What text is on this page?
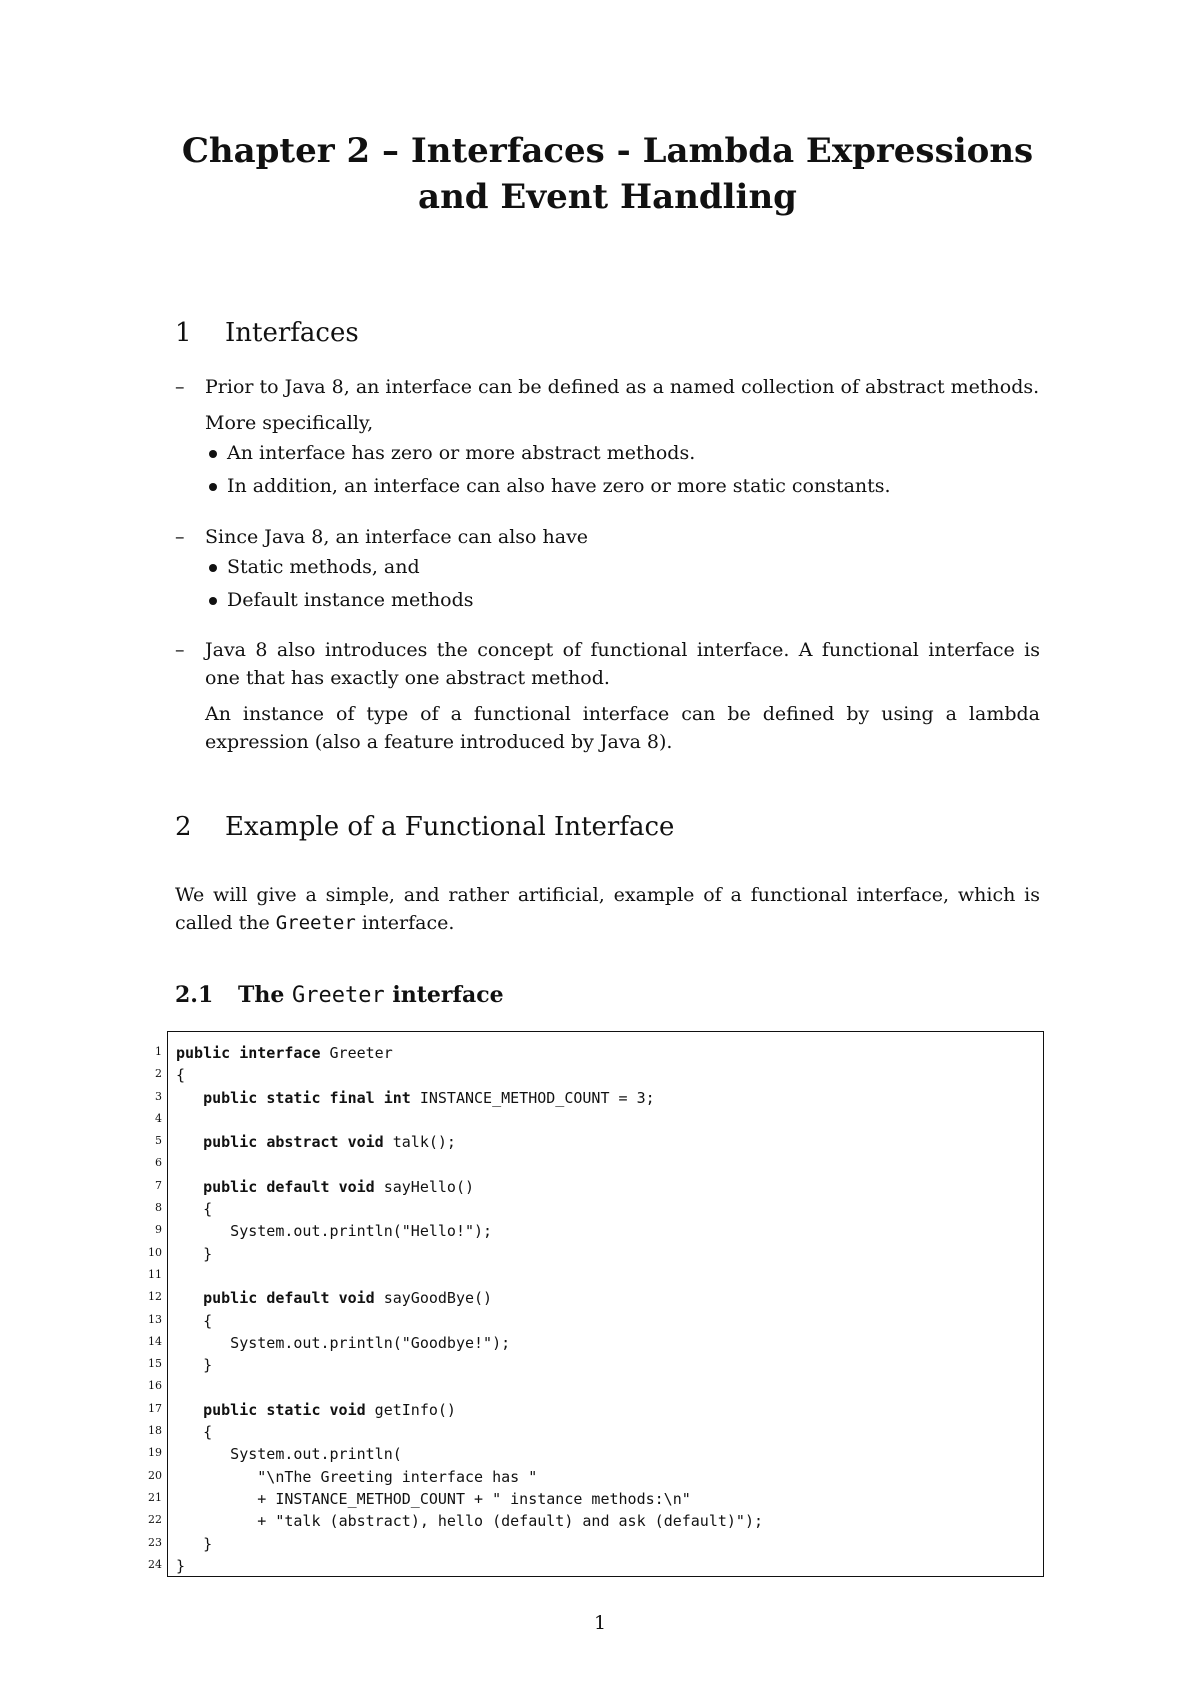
Chapter 2 – Interfaces - Lambda Expressions and Event Handling
1 Interfaces
– Prior to Java 8, an interface can be defined as a named collection of abstract methods.

More specifically,

An interface has zero or more abstract methods.
In addition, an interface can also have zero or more static constants.
– Since Java 8, an interface can also have

Static methods, and
Default instance methods
– Java 8 also introduces the concept of functional interface. A functional interface is one that has exactly one abstract method.

An instance of type of a functional interface can be defined by using a lambda expression (also a feature introduced by Java 8).

2 Example of a Functional Interface

We will give a simple, and rather artificial, example of a functional interface, which is called the Greeter interface.

2.1 The Greeter interface
1
2
3
4
5
6
7
8
9
10
11
12
13
14
15
16
17
18
19
20
21
22
23
24
public interface Greeter
{
public static final int INSTANCE_METHOD_COUNT = 3;

public abstract void talk();

public default void sayHello()
{
System.out.println("Hello!");
}

public default void sayGoodBye()
{
System.out.println("Goodbye!");
}

public static void getInfo()
{
System.out.println(
"\nThe Greeting interface has "
+ INSTANCE_METHOD_COUNT + " instance methods:\n"
+ "talk (abstract), hello (default) and ask (default)");
}
}
1
